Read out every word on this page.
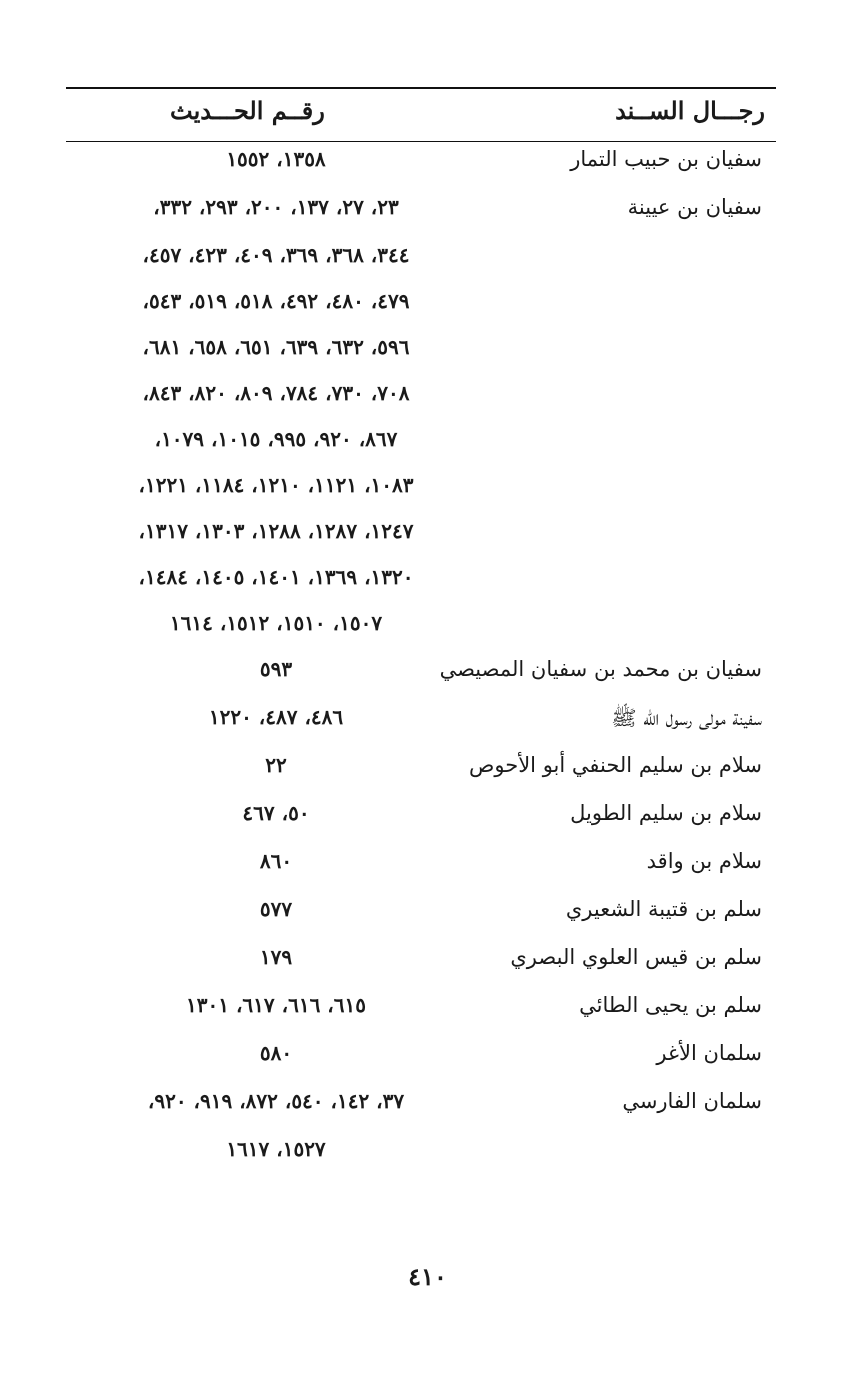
رجـــال الســند
رقــم الحـــديث
سفيان بن حبيب التمار
١٣٥٨، ١٥٥٢
سفيان بن عيينة
٢٣، ٢٧، ١٣٧، ٢٠٠، ٢٩٣، ٣٣٢،
٣٤٤، ٣٦٨، ٣٦٩، ٤٠٩، ٤٢٣، ٤٥٧،
٤٧٩، ٤٨٠، ٤٩٢، ٥١٨، ٥١٩، ٥٤٣،
٥٩٦، ٦٣٢، ٦٣٩، ٦٥١، ٦٥٨، ٦٨١،
٧٠٨، ٧٣٠، ٧٨٤، ٨٠٩، ٨٢٠، ٨٤٣،
٨٦٧، ٩٢٠، ٩٩٥، ١٠١٥، ١٠٧٩،
١٠٨٣، ١١٢١، ١٢١٠، ١١٨٤، ١٢٢١،
١٢٤٧، ١٢٨٧، ١٢٨٨، ١٣٠٣، ١٣١٧،
١٣٢٠، ١٣٦٩، ١٤٠١، ١٤٠٥، ١٤٨٤،
١٥٠٧، ١٥١٠، ١٥١٢، ١٦١٤
سفيان بن محمد بن سفيان المصيصي
٥٩٣
سفينة مولى رسول الله ﷺ
٤٨٦، ٤٨٧، ١٢٢٠
سلام بن سليم الحنفي أبو الأحوص
٢٢
سلام بن سليم الطويل
٥٠، ٤٦٧
سلام بن واقد
٨٦٠
سلم بن قتيبة الشعيري
٥٧٧
سلم بن قيس العلوي البصري
١٧٩
سلم بن يحيى الطائي
٦١٥، ٦١٦، ٦١٧، ١٣٠١
سلمان الأغر
٥٨٠
سلمان الفارسي
٣٧، ١٤٢، ٥٤٠، ٨٧٢، ٩١٩، ٩٢٠،
١٥٢٧، ١٦١٧
٤١٠
